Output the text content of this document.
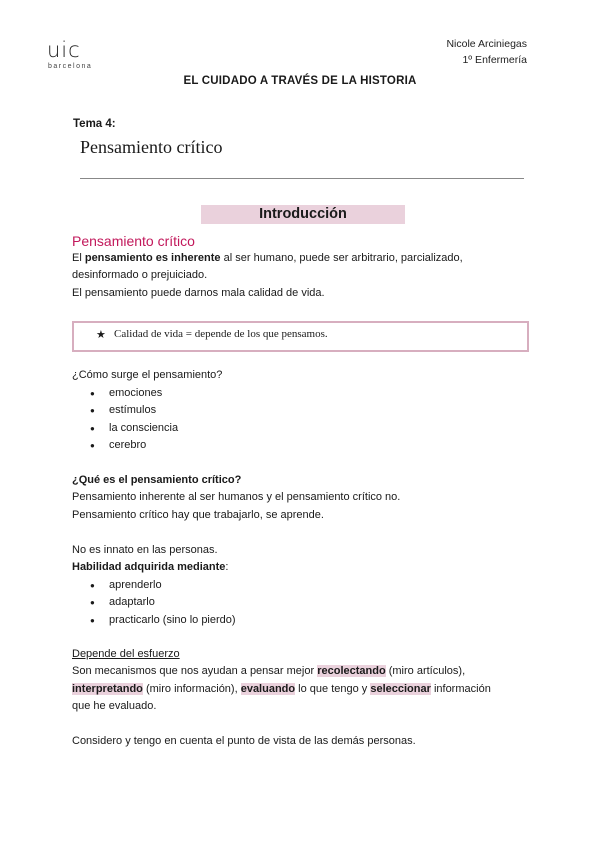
uic
barcelona
Nicole Arciniegas
1º Enfermería
EL CUIDADO A TRAVÉS DE LA HISTORIA
Tema 4:
Pensamiento crítico
Introducción
Pensamiento crítico
El pensamiento es inherente al ser humano, puede ser arbitrario, parcializado,
desinformado o prejuiciado.
El pensamiento puede darnos mala calidad de vida.
★ Calidad de vida = depende de los que pensamos.
¿Cómo surge el pensamiento?
● emociones
● estímulos
● la consciencia
● cerebro
¿Qué es el pensamiento crítico?
Pensamiento inherente al ser humanos y el pensamiento crítico no.
Pensamiento crítico hay que trabajarlo, se aprende.
No es innato en las personas.
Habilidad adquirida mediante:
● aprenderlo
● adaptarlo
● practicarlo (sino lo pierdo)
Depende del esfuerzo
Son mecanismos que nos ayudan a pensar mejor recolectando (miro artículos),
interpretando (miro información), evaluando lo que tengo y seleccionar información
que he evaluado.
Considero y tengo en cuenta el punto de vista de las demás personas.
